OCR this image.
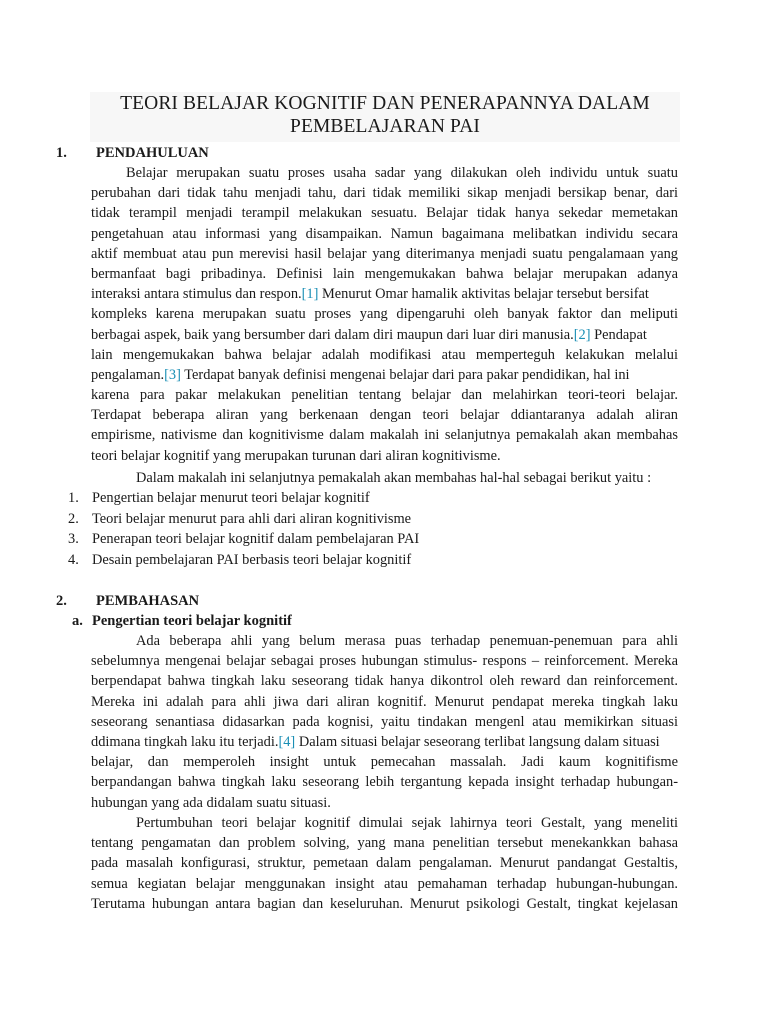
TEORI BELAJAR KOGNITIF DAN PENERAPANNYA DALAM
PEMBELAJARAN PAI
1. PENDAHULUAN
Belajar merupakan suatu proses usaha sadar yang dilakukan oleh individu untuk suatu
perubahan dari tidak tahu menjadi tahu, dari tidak memiliki sikap menjadi bersikap benar, dari
tidak terampil menjadi terampil melakukan sesuatu. Belajar tidak hanya sekedar memetakan
pengetahuan atau informasi yang disampaikan. Namun bagaimana melibatkan individu secara
aktif membuat atau pun merevisi hasil belajar yang diterimanya menjadi suatu pengalamaan yang
bermanfaat bagi pribadinya. Definisi lain mengemukakan bahwa belajar merupakan adanya
interaksi antara stimulus dan respon.[1] Menurut Omar hamalik aktivitas belajar tersebut bersifat
kompleks karena merupakan suatu proses yang dipengaruhi oleh banyak faktor dan meliputi
berbagai aspek, baik yang bersumber dari dalam diri maupun dari luar diri manusia.[2] Pendapat
lain mengemukakan bahwa belajar adalah modifikasi atau memperteguh kelakukan melalui
pengalaman.[3] Terdapat banyak definisi mengenai belajar dari para pakar pendidikan, hal ini
karena para pakar melakukan penelitian tentang belajar dan melahirkan teori-teori belajar.
Terdapat beberapa aliran yang berkenaan dengan teori belajar ddiantaranya adalah aliran
empirisme, nativisme dan kognitivisme dalam makalah ini selanjutnya pemakalah akan membahas
teori belajar kognitif yang merupakan turunan dari aliran kognitivisme.
Dalam makalah ini selanjutnya pemakalah akan membahas hal-hal sebagai berikut yaitu :
1. Pengertian belajar menurut teori belajar kognitif
2. Teori belajar menurut para ahli dari aliran kognitivisme
3. Penerapan teori belajar kognitif dalam pembelajaran PAI
4. Desain pembelajaran PAI berbasis teori belajar kognitif
2. PEMBAHASAN
a. Pengertian teori belajar kognitif
Ada beberapa ahli yang belum merasa puas terhadap penemuan-penemuan para ahli
sebelumnya mengenai belajar sebagai proses hubungan stimulus- respons – reinforcement. Mereka
berpendapat bahwa tingkah laku seseorang tidak hanya dikontrol oleh reward dan reinforcement.
Mereka ini adalah para ahli jiwa dari aliran kognitif. Menurut pendapat mereka tingkah laku
seseorang senantiasa didasarkan pada kognisi, yaitu tindakan mengenl atau memikirkan situasi
ddimana tingkah laku itu terjadi.[4] Dalam situasi belajar seseorang terlibat langsung dalam situasi
belajar, dan memperoleh insight untuk pemecahan massalah. Jadi kaum kognitifisme
berpandangan bahwa tingkah laku seseorang lebih tergantung kepada insight terhadap hubungan-
hubungan yang ada didalam suatu situasi.
Pertumbuhan teori belajar kognitif dimulai sejak lahirnya teori Gestalt, yang meneliti
tentang pengamatan dan problem solving, yang mana penelitian tersebut menekankkan bahasa
pada masalah konfigurasi, struktur, pemetaan dalam pengalaman. Menurut pandangat Gestaltis,
semua kegiatan belajar menggunakan insight atau pemahaman terhadap hubungan-hubungan.
Terutama hubungan antara bagian dan keseluruhan. Menurut psikologi Gestalt, tingkat kejelasan
